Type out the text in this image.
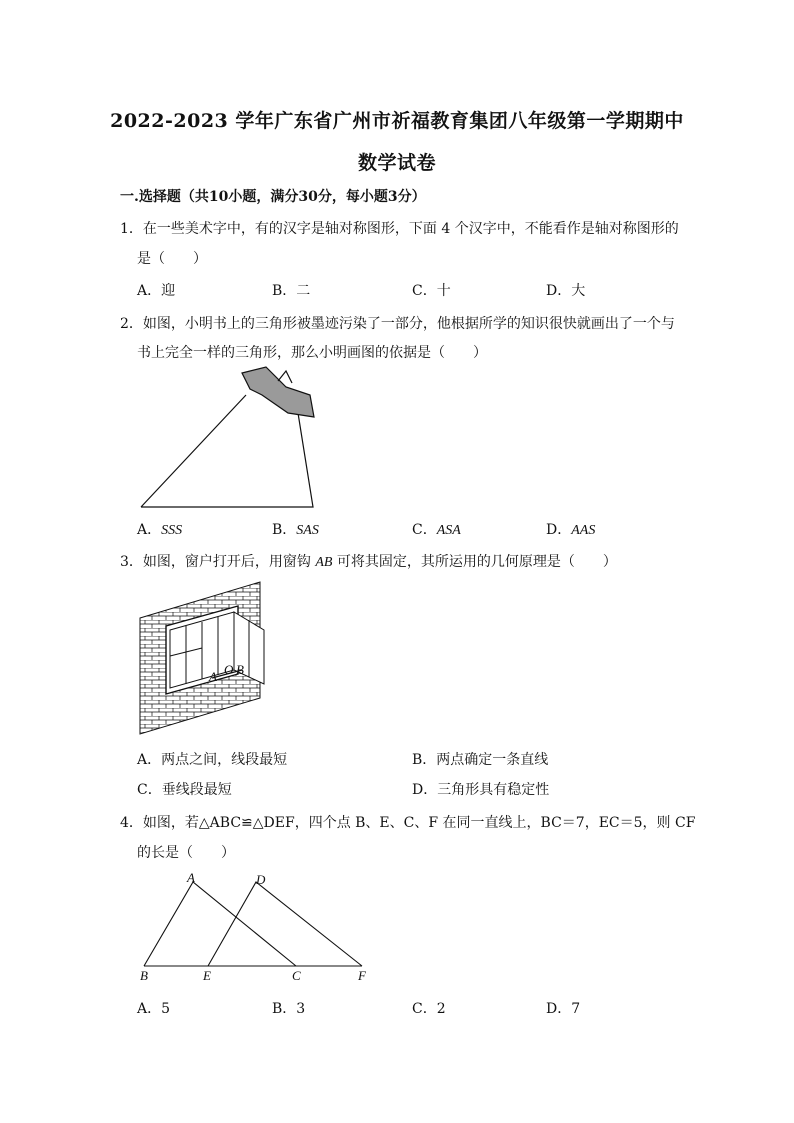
2022-2023 学年广东省广州市祈福教育集团八年级第一学期期中
数学试卷
一.选择题（共10小题，满分30分，每小题3分）
1．在一些美术字中，有的汉字是轴对称图形，下面 4 个汉字中，不能看作是轴对称图形的
是（　　）
A．迎	B．二	C．十	D．大
2．如图，小明书上的三角形被墨迹污染了一部分，他根据所学的知识很快就画出了一个与
书上完全一样的三角形，那么小明画图的依据是（　　）
A．SSS	B．SAS	C．ASA	D．AAS
3．如图，窗户打开后，用窗钩 AB 可将其固定，其所运用的几何原理是（　　）
A O B
A．两点之间，线段最短	B．两点确定一条直线
C．垂线段最短	D．三角形具有稳定性
4．如图，若△ABC≌△DEF，四个点 B、E、C、F 在同一直线上，BC＝7，EC＝5，则 CF
的长是（　　）
A	D
B	E	C	F
A．5	B．3	C．2	D．7
